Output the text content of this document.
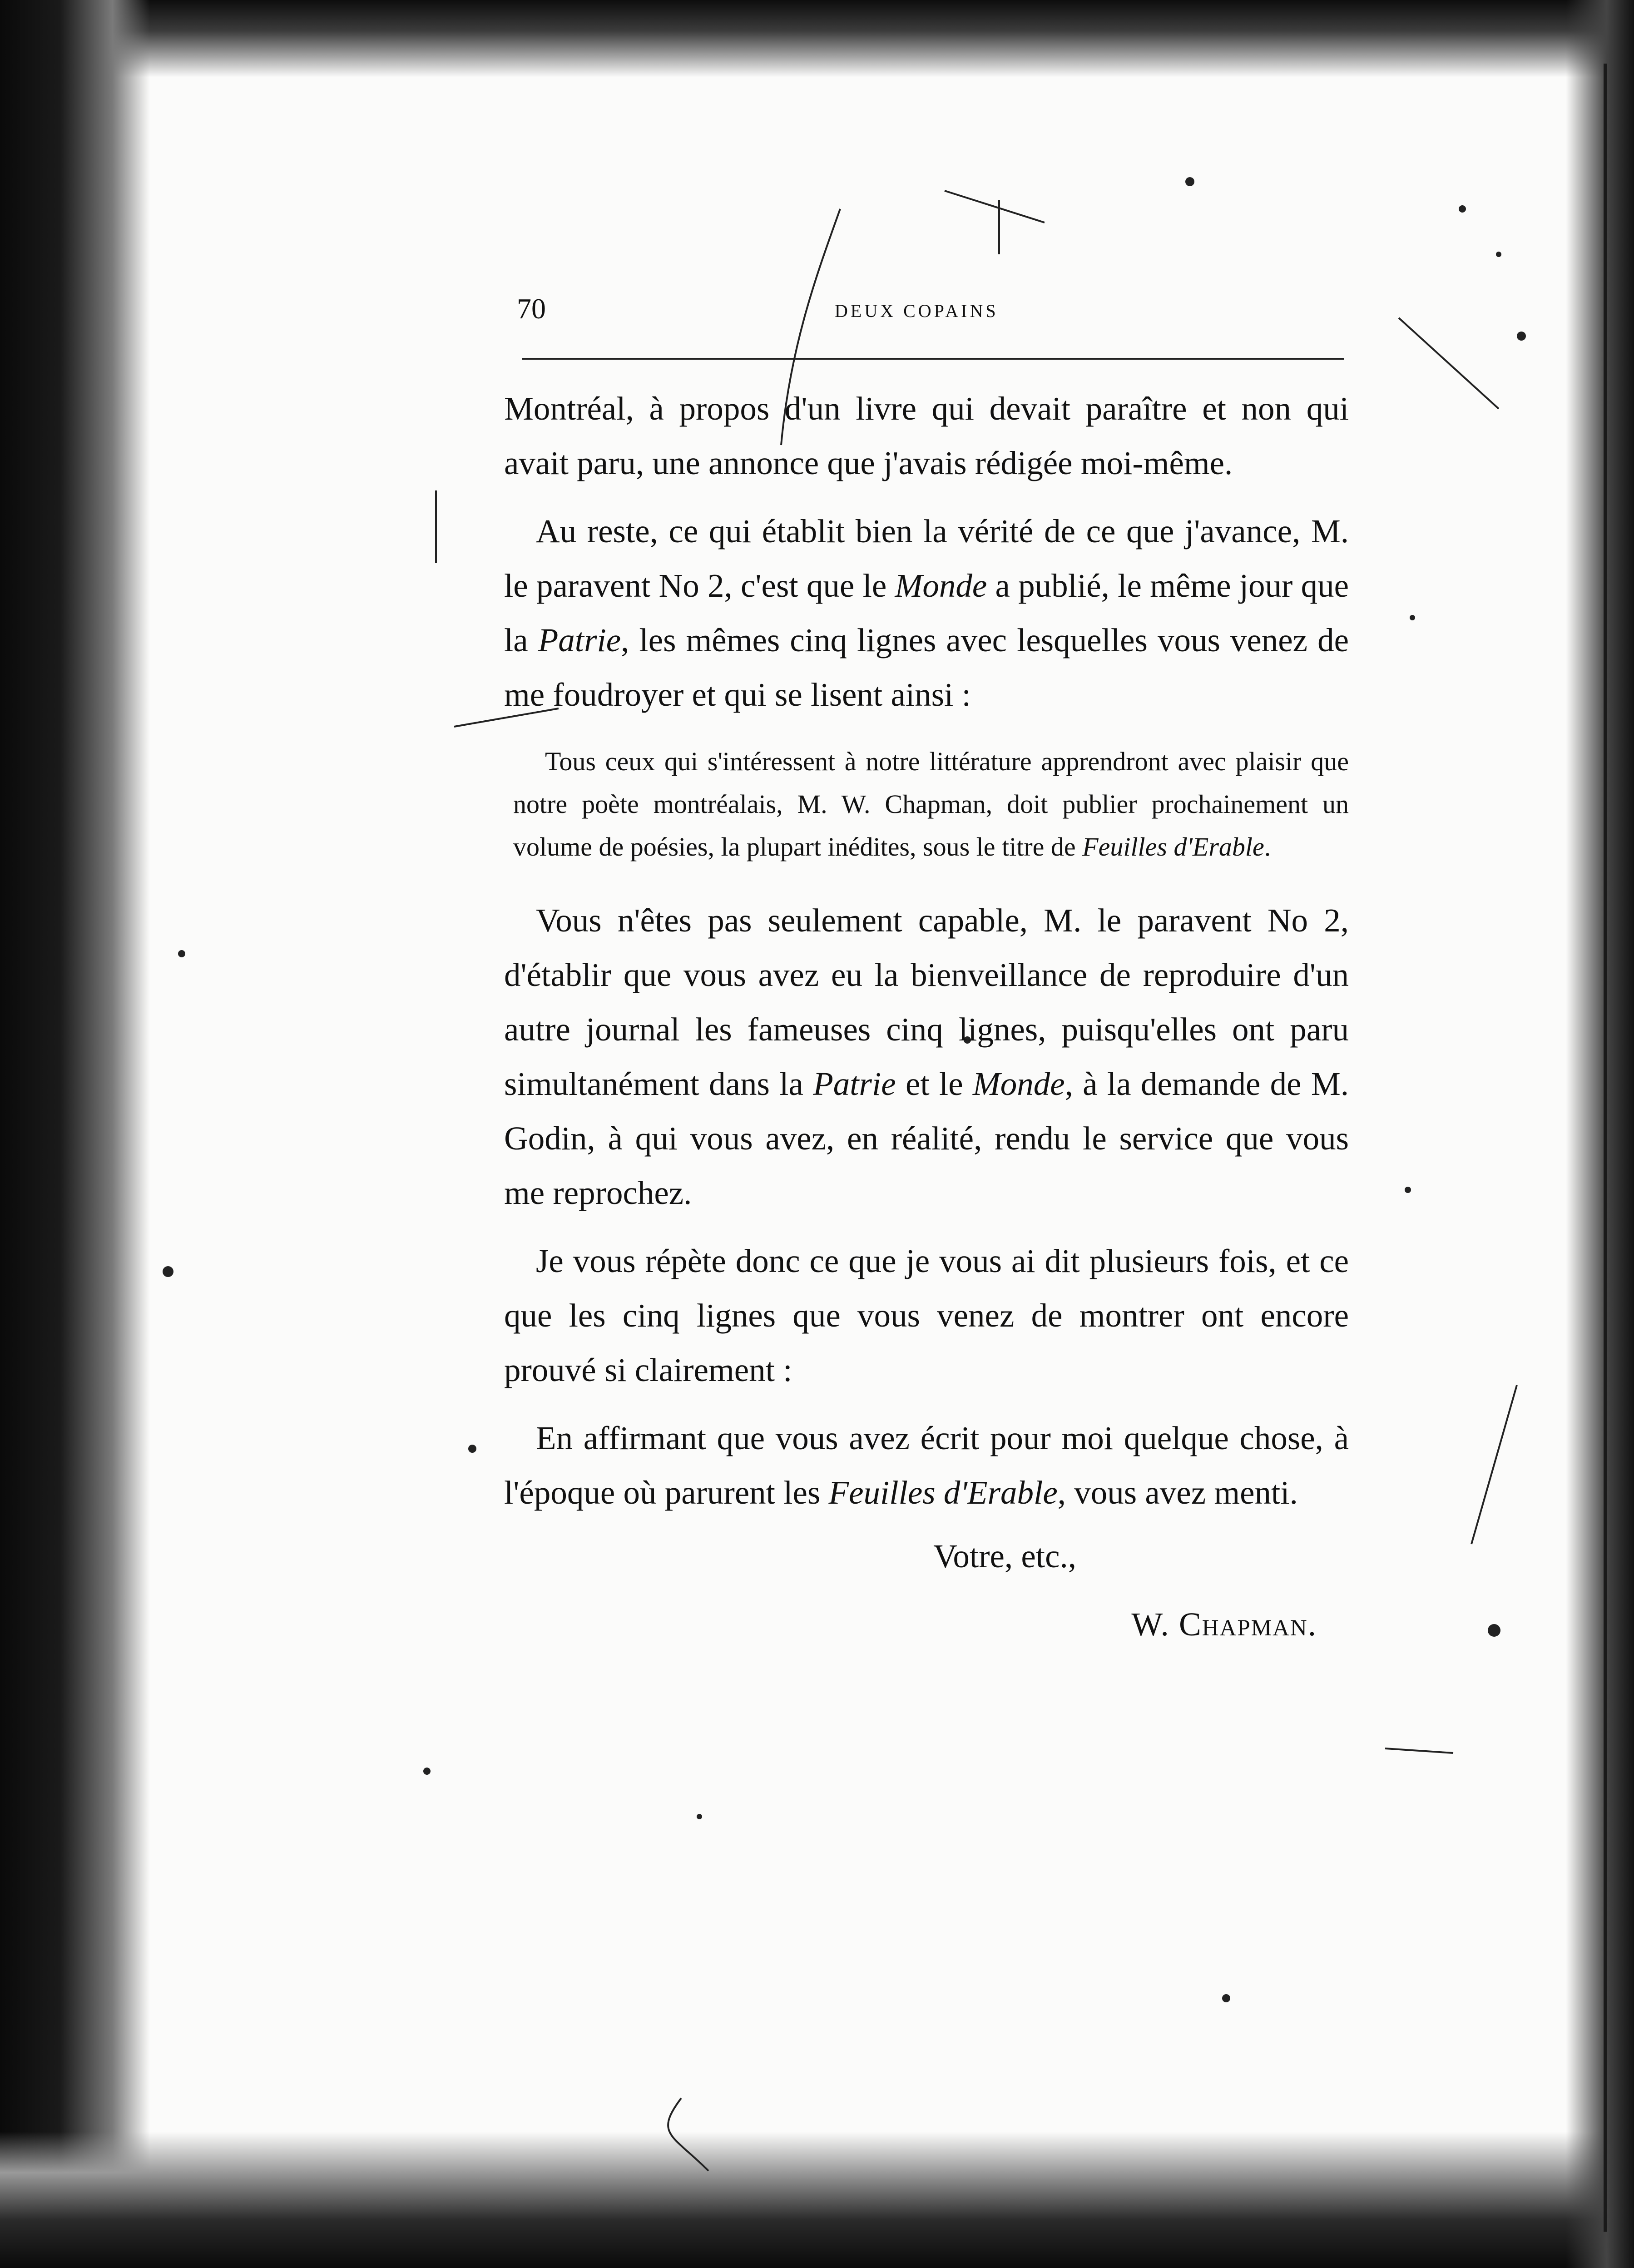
70	DEUX COPAINS

Montréal, à propos d'un livre qui devait paraître et non qui avait paru, une annonce que j'avais rédigée moi-même.

Au reste, ce qui établit bien la vérité de ce que j'avance, M. le paravent No 2, c'est que le Monde a publié, le même jour que la Patrie, les mêmes cinq lignes avec lesquelles vous venez de me foudroyer et qui se lisent ainsi :

Tous ceux qui s'intéressent à notre littérature apprendront avec plaisir que notre poète montréalais, M. W. Chapman, doit publier prochainement un volume de poésies, la plupart inédites, sous le titre de Feuilles d'Erable.

Vous n'êtes pas seulement capable, M. le paravent No 2, d'établir que vous avez eu la bienveillance de reproduire d'un autre journal les fameuses cinq lignes, puisqu'elles ont paru simultanément dans la Patrie et le Monde, à la demande de M. Godin, à qui vous avez, en réalité, rendu le service que vous me reprochez.

Je vous répète donc ce que je vous ai dit plusieurs fois, et ce que les cinq lignes que vous venez de montrer ont encore prouvé si clairement :

En affirmant que vous avez écrit pour moi quelque chose, à l'époque où parurent les Feuilles d'Erable, vous avez menti.

Votre, etc.,

W. Chapman.
